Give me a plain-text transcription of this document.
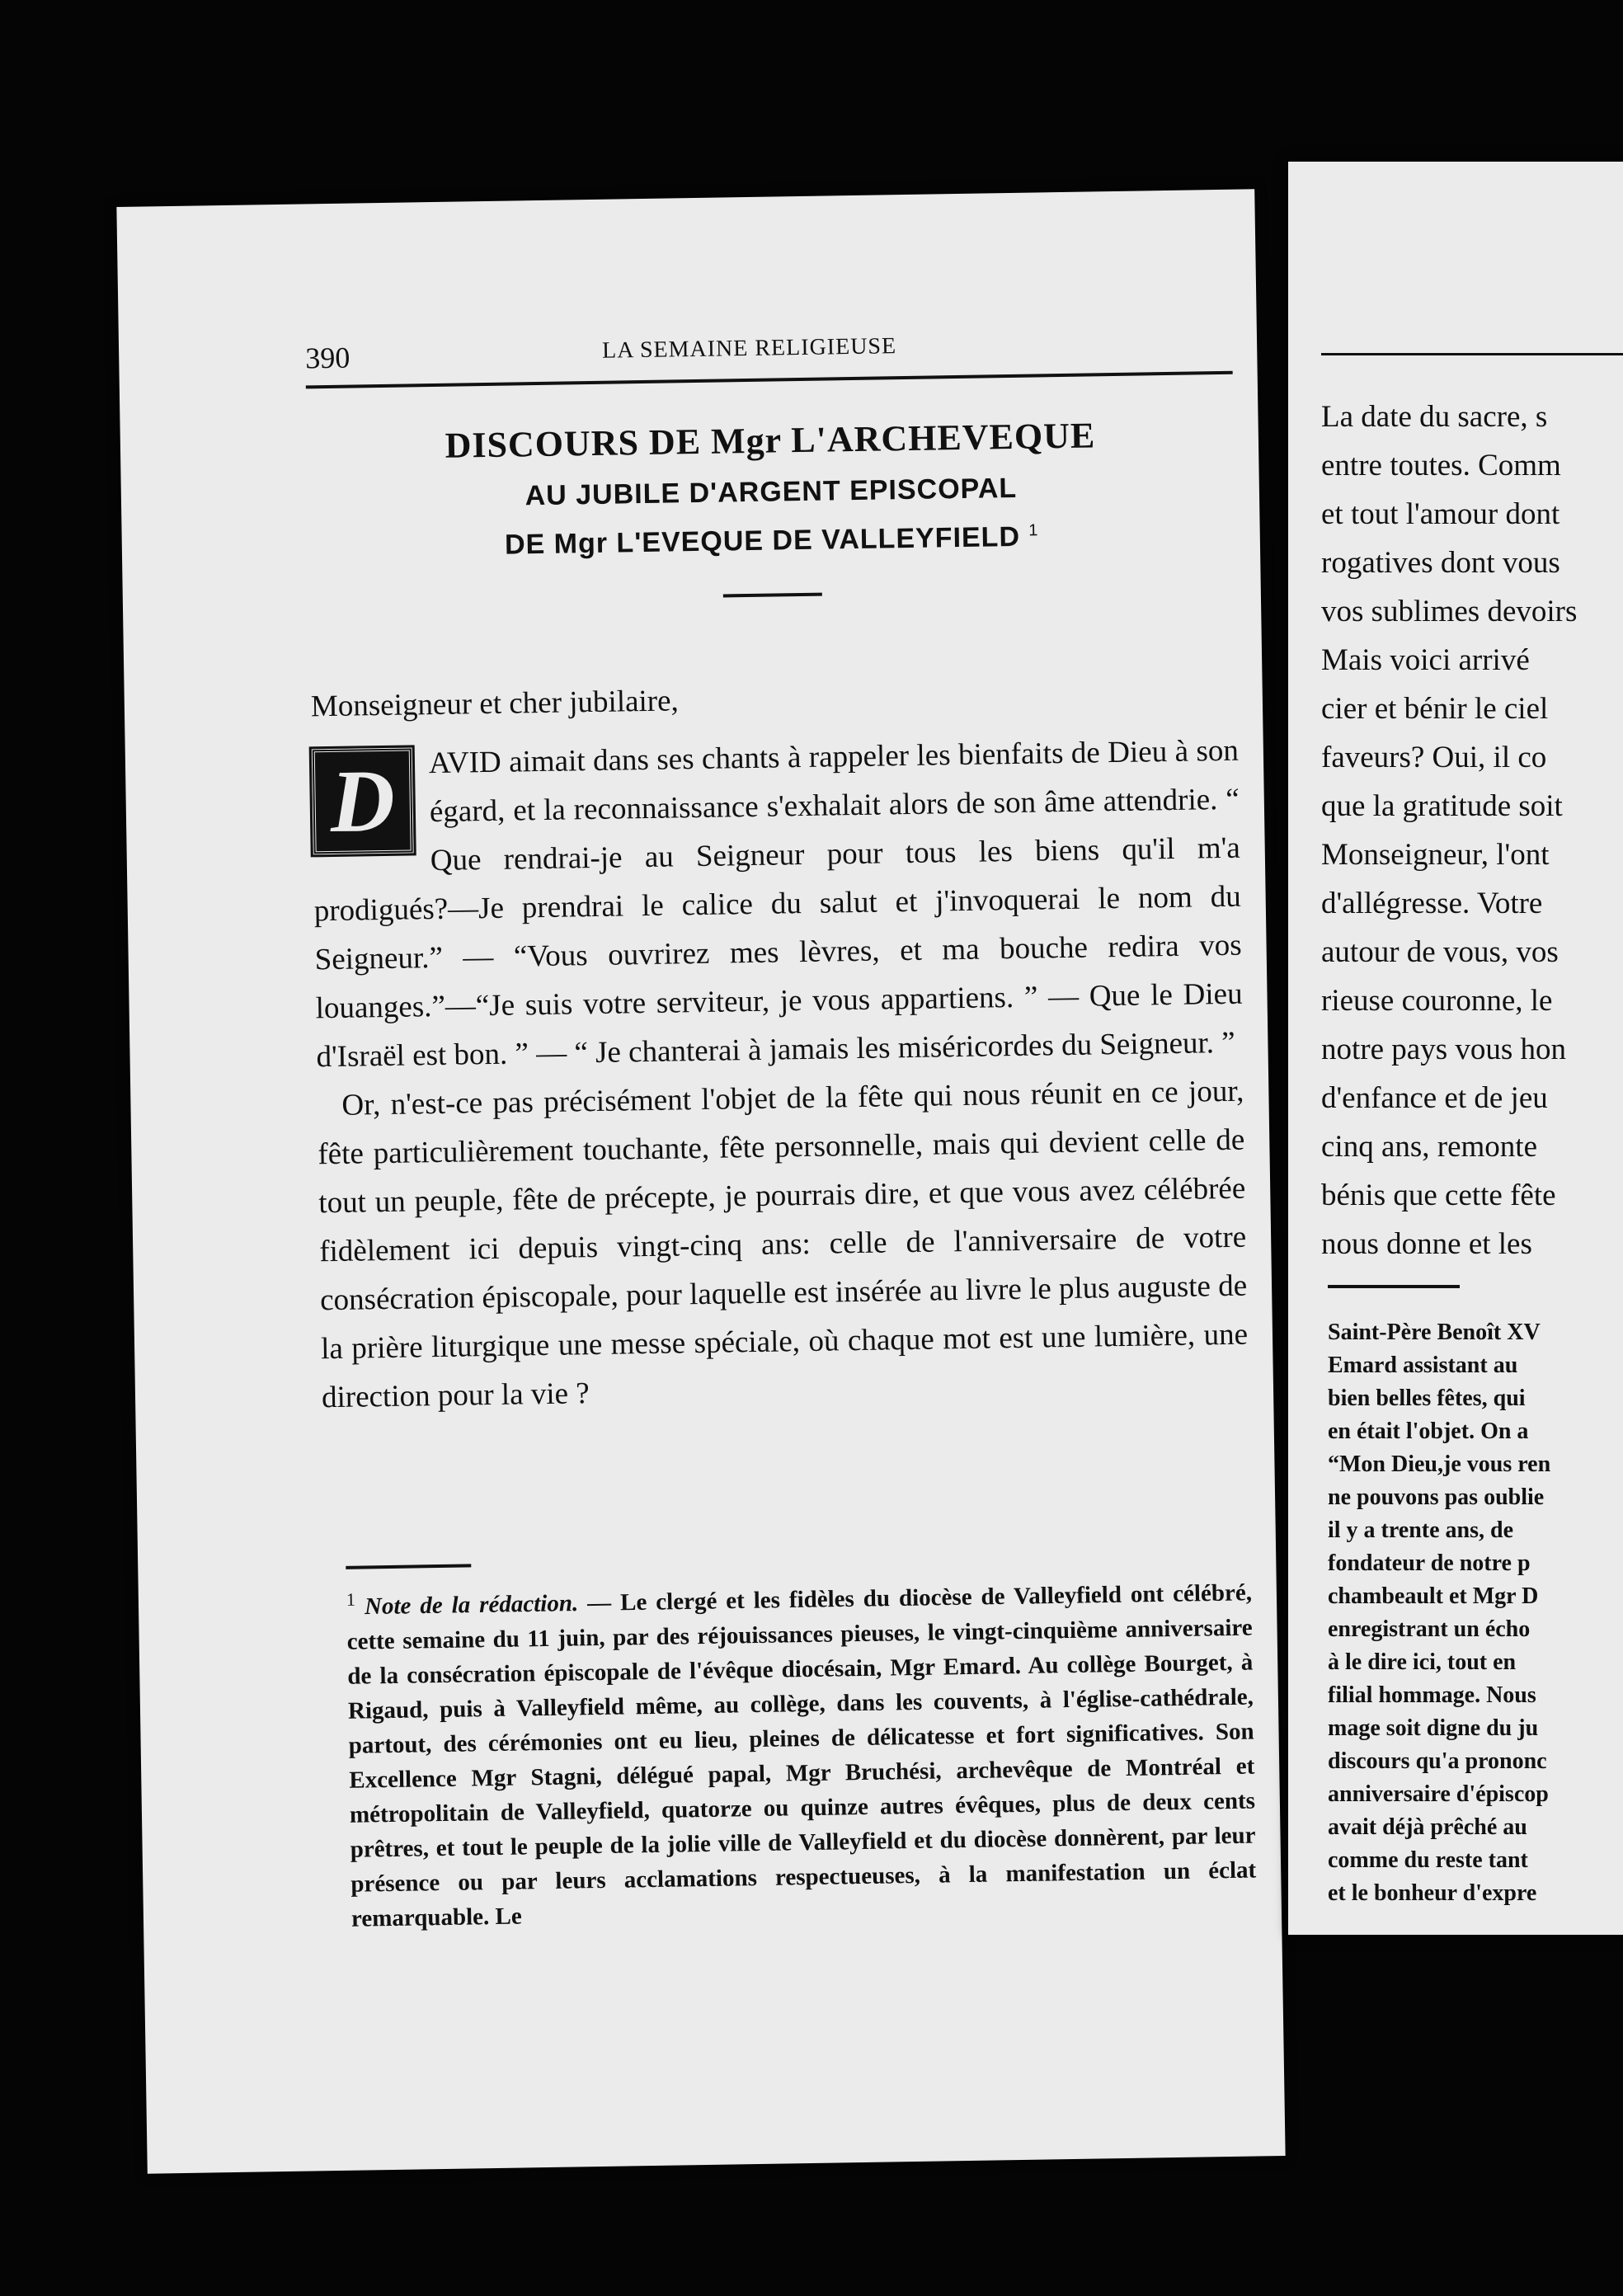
390	LA SEMAINE RELIGIEUSE
DISCOURS DE Mgr L'ARCHEVEQUE
AU JUBILE D'ARGENT EPISCOPAL
DE Mgr L'EVEQUE DE VALLEYFIELD $^1$

Monseigneur et cher jubilaire,

D	AVID aimait dans ses chants à rappeler les bienfaits de Dieu à son égard, et la reconnaissance s'exhalait alors de son âme attendrie. “ Que rendrai-je au Seigneur pour tous les biens qu'il m'a prodigués?—Je prendrai le calice du salut et j'invoquerai le nom du Seigneur.” — “Vous ouvrirez mes lèvres, et ma bouche redira vos louanges.”—“Je suis votre serviteur, je vous appartiens. ” — Que le Dieu d'Israël est bon. ” — “ Je chanterai à jamais les miséricordes du Seigneur. ”

Or, n'est-ce pas précisément l'objet de la fête qui nous réunit en ce jour, fête particulièrement touchante, fête personnelle, mais qui devient celle de tout un peuple, fête de précepte, je pourrais dire, et que vous avez célébrée fidèlement ici depuis vingt-cinq ans: celle de l'anniversaire de votre consécration épiscopale, pour laquelle est insérée au livre le plus auguste de la prière liturgique une messe spéciale, où chaque mot est une lumière, une direction pour la vie ?

$^1$ Note de la rédaction. — Le clergé et les fidèles du diocèse de Valleyfield ont célébré, cette semaine du 11 juin, par des réjouissances pieuses, le vingt-cinquième anniversaire de la consécration épiscopale de l'évêque diocésain, Mgr Emard. Au collège Bourget, à Rigaud, puis à Valleyfield même, au collège, dans les couvents, à l'église-cathédrale, partout, des cérémonies ont eu lieu, pleines de délicatesse et fort significatives. Son Excellence Mgr Stagni, délégué papal, Mgr Bruchési, archevêque de Montréal et métropolitain de Valleyfield, quatorze ou quinze autres évêques, plus de deux cents prêtres, et tout le peuple de la jolie ville de Valleyfield et du diocèse donnèrent, par leur présence ou par leurs acclamations respectueuses, à la manifestation un éclat remarquable. Le
La date du sacre, s
entre toutes. Comm
et tout l'amour dont
rogatives dont vous
vos sublimes devoirs
Mais voici arrivé
cier et bénir le ciel
faveurs? Oui, il co
que la gratitude soit
Monseigneur, l'ont
d'allégresse. Votre
autour de vous, vos
rieuse couronne, le
notre pays vous hon
d'enfance et de jeu
cinq ans, remonte
bénis que cette fête
nous donne et les
Saint-Père Benoît XV
Emard assistant au
bien belles fêtes, qui
en était l'objet. On a
“Mon Dieu,je vous ren
ne pouvons pas oublie
il y a trente ans, de
fondateur de notre p
chambeault et Mgr D
enregistrant un écho
à le dire ici, tout en
filial hommage. Nous
mage soit digne du ju
discours qu'a prononc
anniversaire d'épiscop
avait déjà prêché au
comme du reste tant
et le bonheur d'expre
